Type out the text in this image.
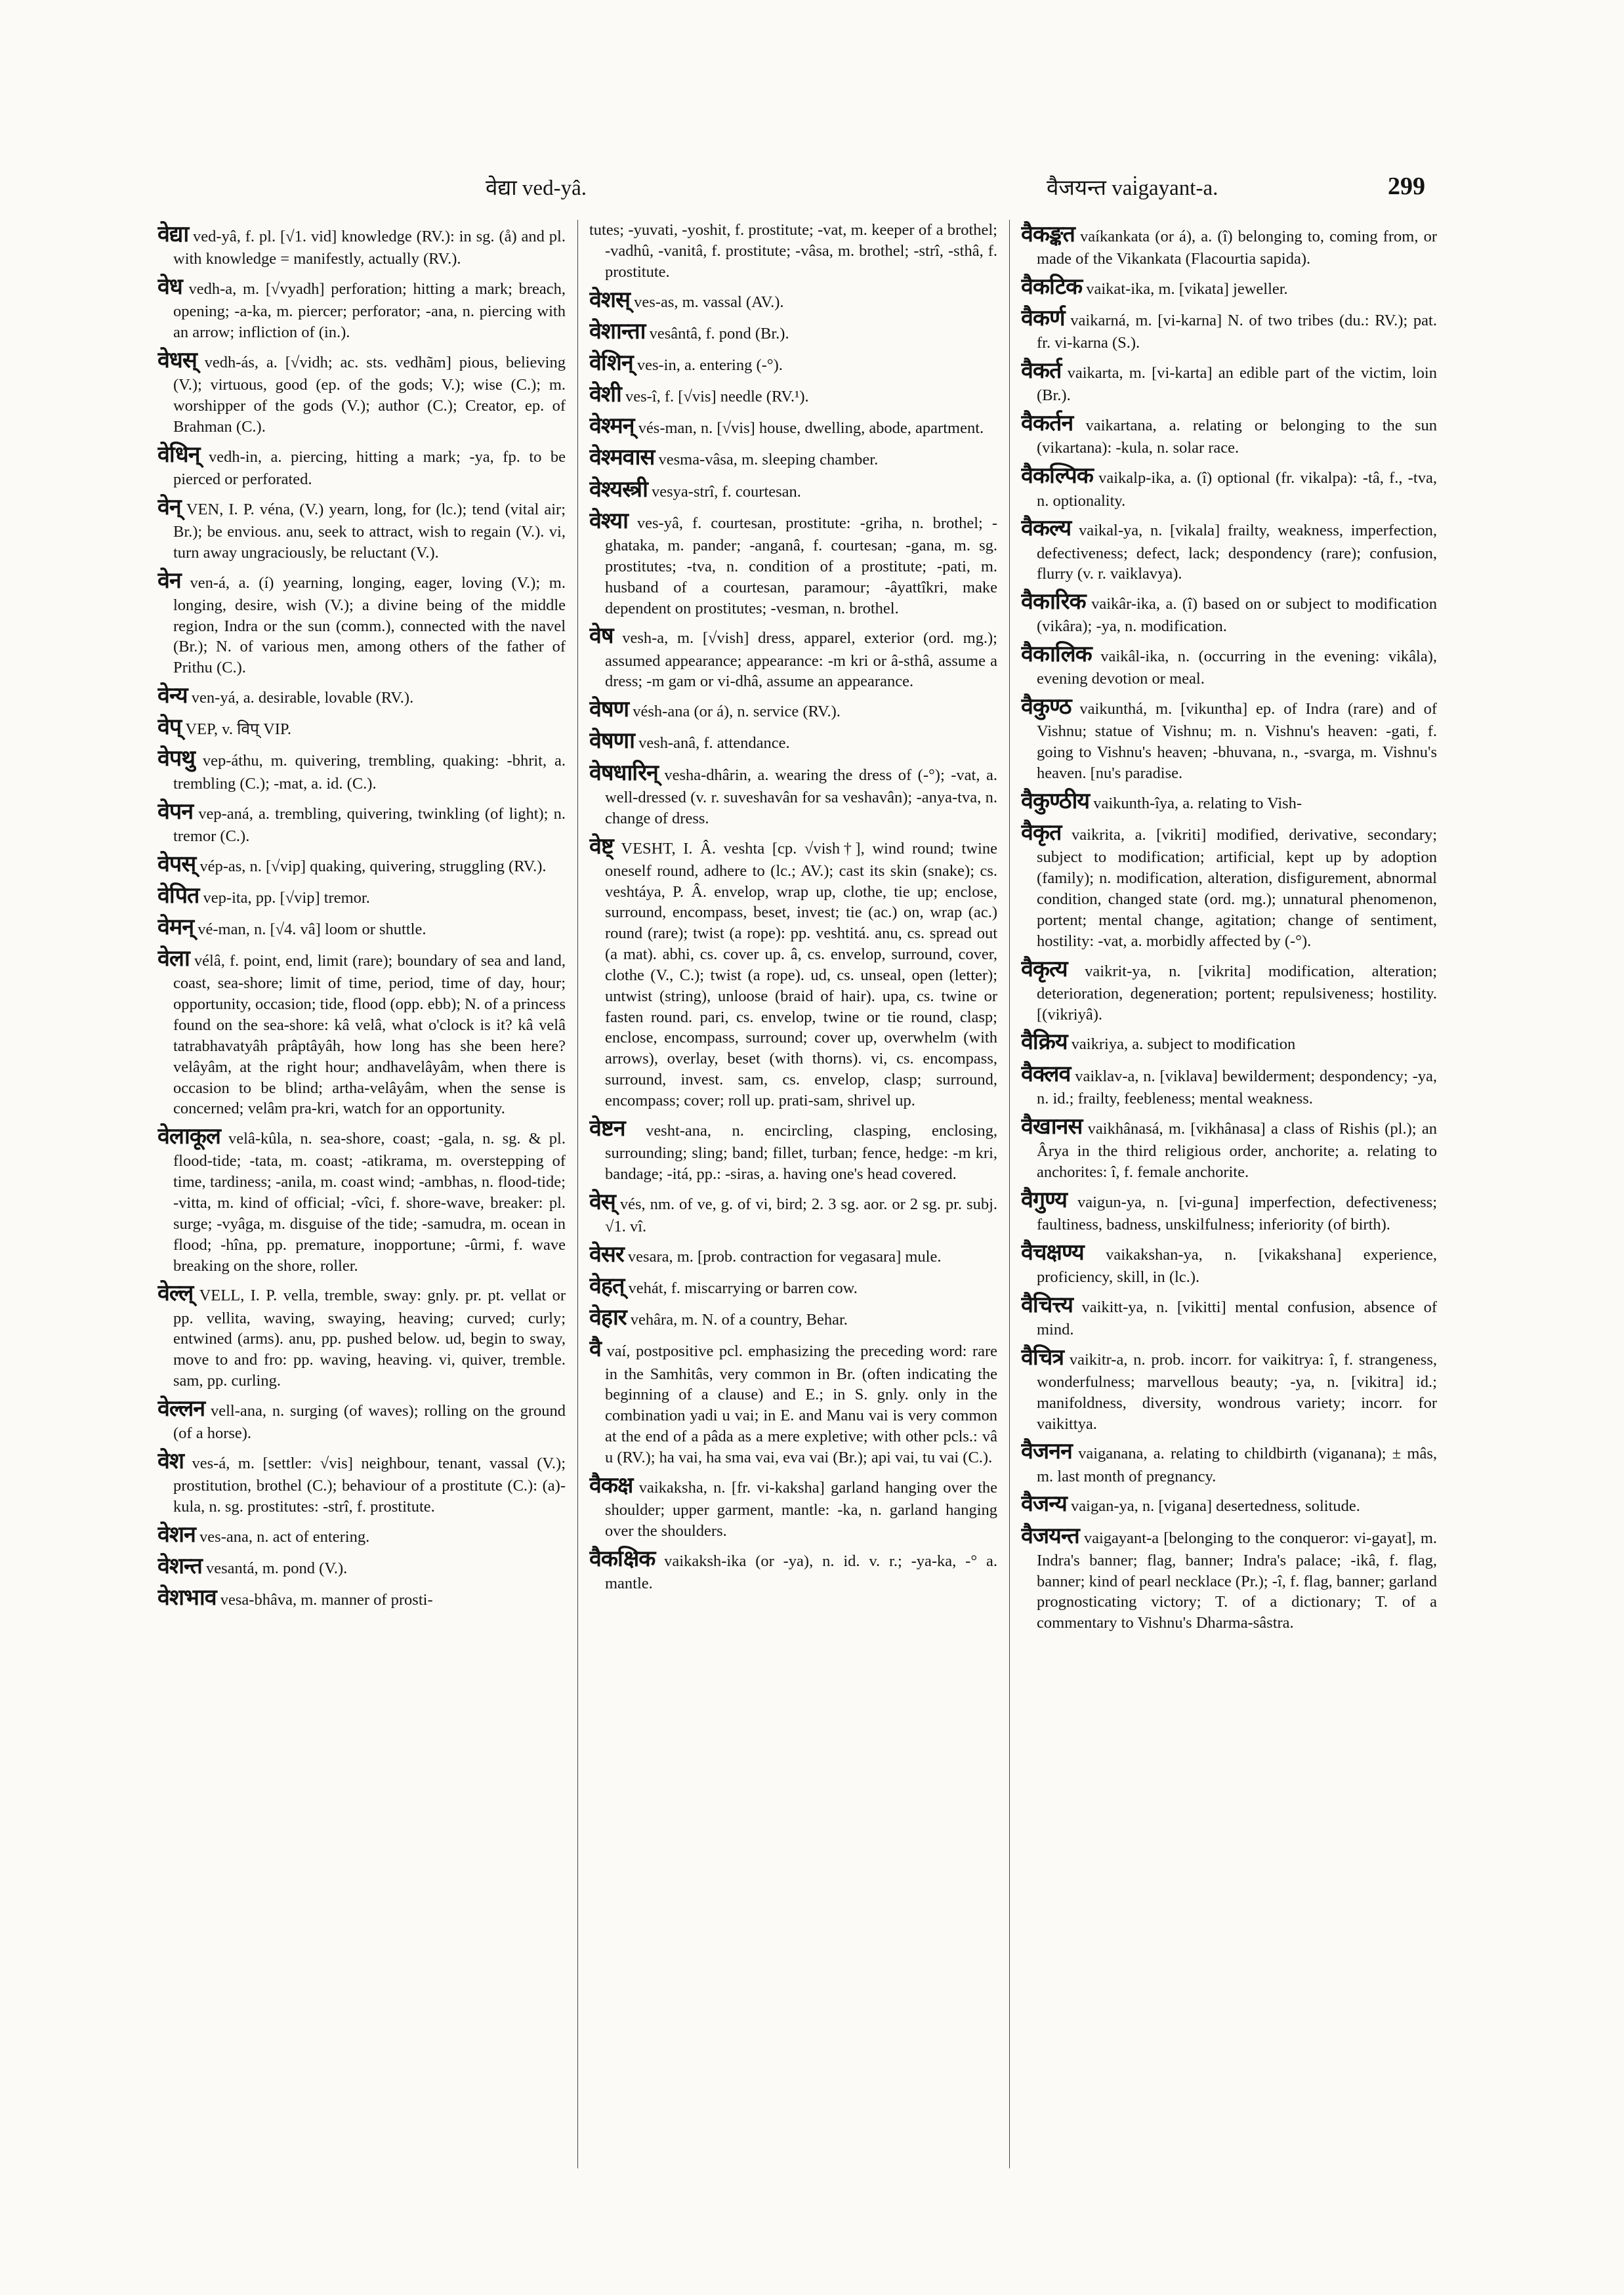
वेद्या ved-yâ.	वैजयन्त vai̇gayant-a.	299

वेद्या ved-yâ, f. pl. [√1. vid] knowledge (RV.): in sg. (å) and pl. with knowledge = manifestly, actually (RV.).

वेध vedh-a, m. [√vyadh] perforation; hitting a mark; breach, opening; -a-ka, m. piercer; perforator; -ana, n. piercing with an arrow; infliction of (in.).

वेधस् vedh-ás, a. [√vidh; ac. sts. vedhãm] pious, believing (V.); virtuous, good (ep. of the gods; V.); wise (C.); m. worshipper of the gods (V.); author (C.); Creator, ep. of Brahman (C.).

वेधिन् vedh-in, a. piercing, hitting a mark; -ya, fp. to be pierced or perforated.

वेन् VEN, I. P. véna, (V.) yearn, long, for (lc.); tend (vital air; Br.); be envious. anu, seek to attract, wish to regain (V.). vi, turn away ungraciously, be reluctant (V.).

वेन ven-á, a. (í) yearning, longing, eager, loving (V.); m. longing, desire, wish (V.); a divine being of the middle region, Indra or the sun (comm.), connected with the navel (Br.); N. of various men, among others of the father of Prithu (C.).

वेन्य ven-yá, a. desirable, lovable (RV.).

वेप् VEP, v. विप् VIP.

वेपथु vep-áthu, m. quivering, trembling, quaking: -bhrit, a. trembling (C.); -mat, a. id. (C.).

वेपन vep-aná, a. trembling, quivering, twinkling (of light); n. tremor (C.).

वेपस् vép-as, n. [√vip] quaking, quivering, struggling (RV.).

वेपित vep-ita, pp. [√vip] tremor.

वेमन् vé-man, n. [√4. vâ] loom or shuttle.

वेला vélâ, f. point, end, limit (rare); boundary of sea and land, coast, sea-shore; limit of time, period, time of day, hour; opportunity, occasion; tide, flood (opp. ebb); N. of a princess found on the sea-shore: kâ velâ, what o'clock is it? kâ velâ tatrabhavatyâh prâptâyâh, how long has she been here? velâyâm, at the right hour; andhavelâyâm, when there is occasion to be blind; artha-velâyâm, when the sense is concerned; velâm pra-kri, watch for an opportunity.

वेलाकूल velâ-kûla, n. sea-shore, coast; -gala, n. sg. & pl. flood-tide; -tata, m. coast; -atikrama, m. overstepping of time, tardiness; -anila, m. coast wind; -ambhas, n. flood-tide; -vitta, m. kind of official; -vîci, f. shore-wave, breaker: pl. surge; -vyâga, m. disguise of the tide; -samudra, m. ocean in flood; -hîna, pp. premature, inopportune; -ûrmi, f. wave breaking on the shore, roller.

वेल्ल् VELL, I. P. vella, tremble, sway: gnly. pr. pt. vellat or pp. vellita, waving, swaying, heaving; curved; curly; entwined (arms). anu, pp. pushed below. ud, begin to sway, move to and fro: pp. waving, heaving. vi, quiver, tremble. sam, pp. curling.

वेल्लन vell-ana, n. surging (of waves); rolling on the ground (of a horse).

वेश ves-á, m. [settler: √vis] neighbour, tenant, vassal (V.); prostitution, brothel (C.); behaviour of a prostitute (C.): (a)-kula, n. sg. prostitutes: -strî, f. prostitute.

वेशन ves-ana, n. act of entering.

वेशन्त vesantá, m. pond (V.).

वेशभाव vesa-bhâva, m. manner of prosti-

tutes; -yuvati, -yoshit, f. prostitute; -vat, m. keeper of a brothel; -vadhû, -vanitâ, f. prostitute; -vâsa, m. brothel; -strî, -sthâ, f. prostitute.

वेशस् ves-as, m. vassal (AV.).

वेशान्ता vesântâ, f. pond (Br.).

वेशिन् ves-in, a. entering (-°).

वेशी ves-î, f. [√vis] needle (RV.¹).

वेश्मन् vés-man, n. [√vis] house, dwelling, abode, apartment.

वेश्मवास vesma-vâsa, m. sleeping chamber.

वेश्यस्त्री vesya-strî, f. courtesan.

वेश्या ves-yâ, f. courtesan, prostitute: -griha, n. brothel; -ghataka, m. pander; -anganâ, f. courtesan; -gana, m. sg. prostitutes; -tva, n. condition of a prostitute; -pati, m. husband of a courtesan, paramour; -âyattîkri, make dependent on prostitutes; -vesman, n. brothel.

वेष vesh-a, m. [√vish] dress, apparel, exterior (ord. mg.); assumed appearance; appearance: -m kri or â-sthâ, assume a dress; -m gam or vi-dhâ, assume an appearance.

वेषण vésh-ana (or á), n. service (RV.).

वेषणा vesh-anâ, f. attendance.

वेषधारिन् vesha-dhârin, a. wearing the dress of (-°); -vat, a. well-dressed (v. r. suveshavân for sa veshavân); -anya-tva, n. change of dress.

वेष्ट् VESHT, I. Â. veshta [cp. √vish†], wind round; twine oneself round, adhere to (lc.; AV.); cast its skin (snake); cs. veshtáya, P. Â. envelop, wrap up, clothe, tie up; enclose, surround, encompass, beset, invest; tie (ac.) on, wrap (ac.) round (rare); twist (a rope): pp. veshtitá. anu, cs. spread out (a mat). abhi, cs. cover up. â, cs. envelop, surround, cover, clothe (V., C.); twist (a rope). ud, cs. unseal, open (letter); untwist (string), unloose (braid of hair). upa, cs. twine or fasten round. pari, cs. envelop, twine or tie round, clasp; enclose, encompass, surround; cover up, overwhelm (with arrows), overlay, beset (with thorns). vi, cs. encompass, surround, invest. sam, cs. envelop, clasp; surround, encompass; cover; roll up. prati-sam, shrivel up.

वेष्टन vesht-ana, n. encircling, clasping, enclosing, surrounding; sling; band; fillet, turban; fence, hedge: -m kri, bandage; -itá, pp.: -siras, a. having one's head covered.

वेस् vés, nm. of ve, g. of vi, bird; 2. 3 sg. aor. or 2 sg. pr. subj. √1. vî.

वेसर vesara, m. [prob. contraction for vegasara] mule.

वेहत् vehát, f. miscarrying or barren cow.

वेहार vehâra, m. N. of a country, Behar.

वै vaí, postpositive pcl. emphasizing the preceding word: rare in the Samhitâs, very common in Br. (often indicating the beginning of a clause) and E.; in S. gnly. only in the combination yadi u vai; in E. and Manu vai is very common at the end of a pâda as a mere expletive; with other pcls.: vâ u (RV.); ha vai, ha sma vai, eva vai (Br.); api vai, tu vai (C.).

वैकक्ष vaikaksha, n. [fr. vi-kaksha] garland hanging over the shoulder; upper garment, mantle: -ka, n. garland hanging over the shoulders.

वैकक्षिक vaikaksh-ika (or -ya), n. id. v. r.; -ya-ka, -° a. mantle.

वैकङ्कत vaíkankata (or á), a. (î) belonging to, coming from, or made of the Vikankata (Flacourtia sapida).

वैकटिक vaikat-ika, m. [vikata] jeweller.

वैकर्ण vaikarná, m. [vi-karna] N. of two tribes (du.: RV.); pat. fr. vi-karna (S.).

वैकर्त vaikarta, m. [vi-karta] an edible part of the victim, loin (Br.).

वैकर्तन vaikartana, a. relating or belonging to the sun (vikartana): -kula, n. solar race.

वैकल्पिक vaikalp-ika, a. (î) optional (fr. vikalpa): -tâ, f., -tva, n. optionality.

वैकल्य vaikal-ya, n. [vikala] frailty, weakness, imperfection, defectiveness; defect, lack; despondency (rare); confusion, flurry (v. r. vaiklavya).

वैकारिक vaikâr-ika, a. (î) based on or subject to modification (vikâra); -ya, n. modification.

वैकालिक vaikâl-ika, n. (occurring in the evening: vikâla), evening devotion or meal.

वैकुण्ठ vaikunthá, m. [vikuntha] ep. of Indra (rare) and of Vishnu; statue of Vishnu; m. n. Vishnu's heaven: -gati, f. going to Vishnu's heaven; -bhuvana, n., -svarga, m. Vishnu's heaven. [nu's paradise.

वैकुण्ठीय vaikunth-îya, a. relating to Vish-

वैकृत vaikrita, a. [vikriti] modified, derivative, secondary; subject to modification; artificial, kept up by adoption (family); n. modification, alteration, disfigurement, abnormal condition, changed state (ord. mg.); unnatural phenomenon, portent; mental change, agitation; change of sentiment, hostility: -vat, a. morbidly affected by (-°).

वैकृत्य vaikrit-ya, n. [vikrita] modification, alteration; deterioration, degeneration; portent; repulsiveness; hostility. [(vikriyâ).

वैक्रिय vaikriya, a. subject to modification

वैक्लव vaiklav-a, n. [viklava] bewilderment; despondency; -ya, n. id.; frailty, feebleness; mental weakness.

वैखानस vaikhânasá, m. [vikhânasa] a class of Rishis (pl.); an Ârya in the third religious order, anchorite; a. relating to anchorites: î, f. female anchorite.

वैगुण्य vaigun-ya, n. [vi-guna] imperfection, defectiveness; faultiness, badness, unskilfulness; inferiority (of birth).

वैचक्षण्य vaikakshan-ya, n. [vikakshana] experience, proficiency, skill, in (lc.).

वैचित्त्य vaikitt-ya, n. [vikitti] mental confusion, absence of mind.

वैचित्र vaikitr-a, n. prob. incorr. for vaikitrya: î, f. strangeness, wonderfulness; marvellous beauty; -ya, n. [vikitra] id.; manifoldness, diversity, wondrous variety; incorr. for vaikittya.

वैजनन vaiganana, a. relating to childbirth (viganana); ± mâs, m. last month of pregnancy.

वैजन्य vaigan-ya, n. [vigana] desertedness, solitude.

वैजयन्त vaigayant-a [belonging to the conqueror: vi-gayat], m. Indra's banner; flag, banner; Indra's palace; -ikâ, f. flag, banner; kind of pearl necklace (Pr.); -î, f. flag, banner; garland prognosticating victory; T. of a dictionary; T. of a commentary to Vishnu's Dharma-sâstra.
